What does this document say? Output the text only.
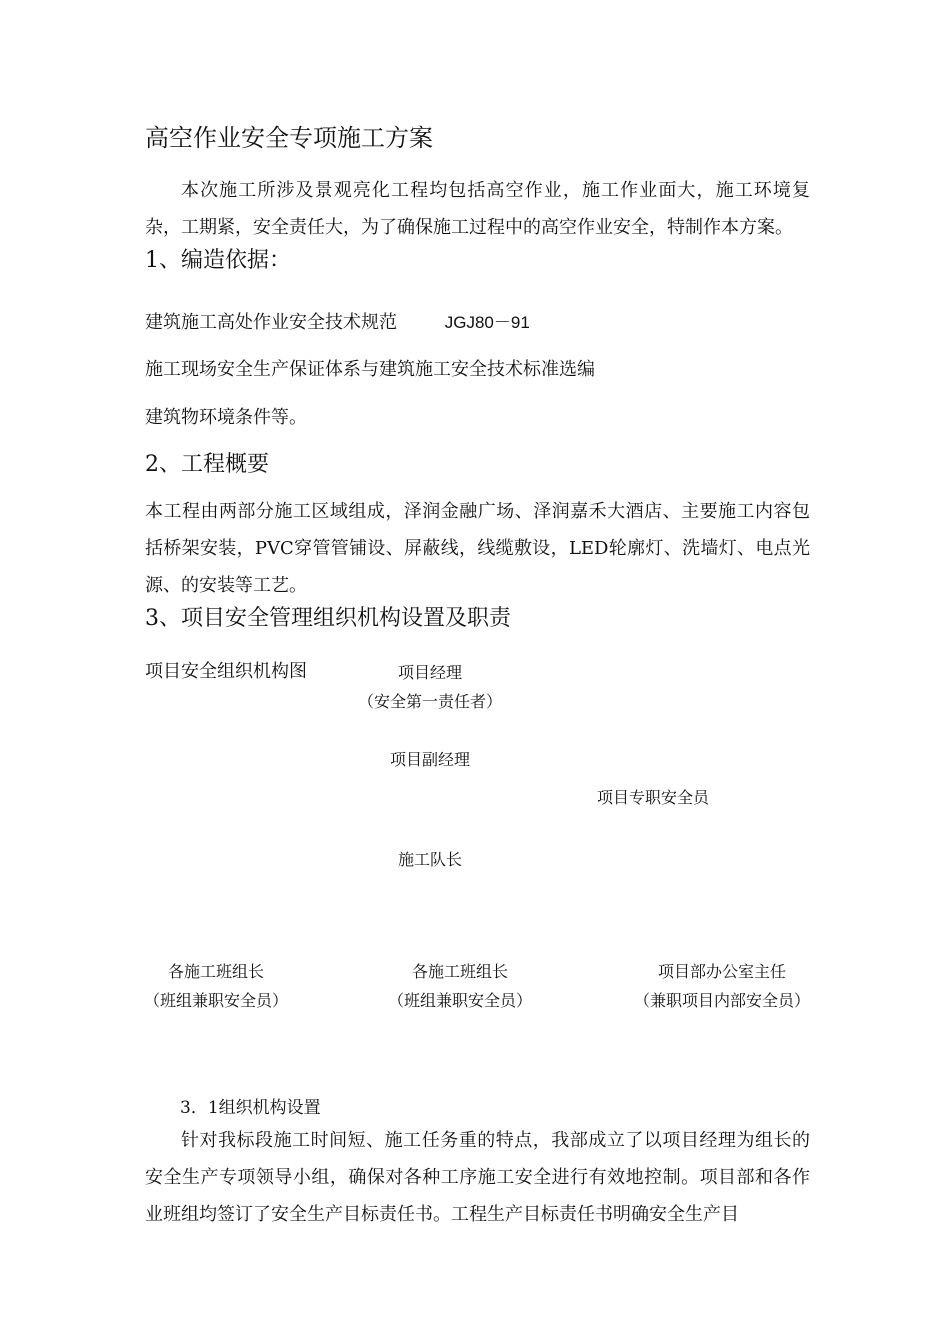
高空作业安全专项施工方案
本次施工所涉及景观亮化工程均包括高空作业，施工作业面大，施工环境复杂，工期紧，安全责任大，为了确保施工过程中的高空作业安全，特制作本方案。
1、编造依据：
建筑施工高处作业安全技术规范	JGJ80－91
施工现场安全生产保证体系与建筑施工安全技术标准选编
建筑物环境条件等。
2、工程概要
本工程由两部分施工区域组成，泽润金融广场、泽润嘉禾大酒店、主要施工内容包括桥架安装，PVC穿管管铺设、屏蔽线，线缆敷设，LED轮廓灯、洗墙灯、电点光源、的安装等工艺。
3、项目安全管理组织机构设置及职责
项目安全组织机构图	项目经理
（安全第一责任者）
项目副经理
项目专职安全员
施工队长
各施工班组长
（班组兼职安全员）
各施工班组长
（班组兼职安全员）
项目部办公室主任
（兼职项目内部安全员）
3．1组织机构设置
针对我标段施工时间短、施工任务重的特点，我部成立了以项目经理为组长的安全生产专项领导小组，确保对各种工序施工安全进行有效地控制。项目部和各作业班组均签订了安全生产目标责任书。工程生产目标责任书明确安全生产目
